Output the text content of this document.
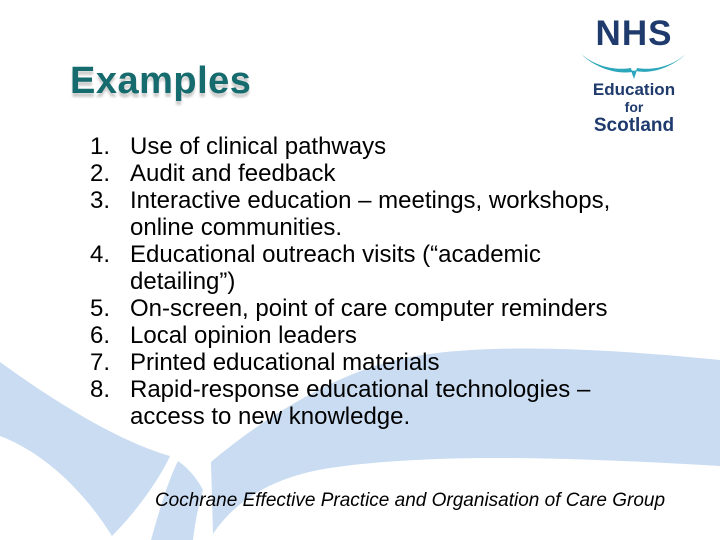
Examples
NHS
Education
for
Scotland
1. Use of clinical pathways
2. Audit and feedback
3. Interactive education – meetings, workshops,
online communities.
4. Educational outreach visits (“academic
detailing”)
5. On-screen, point of care computer reminders
6. Local opinion leaders
7. Printed educational materials
8. Rapid-response educational technologies –
access to new knowledge.
Cochrane Effective Practice and Organisation of Care Group
